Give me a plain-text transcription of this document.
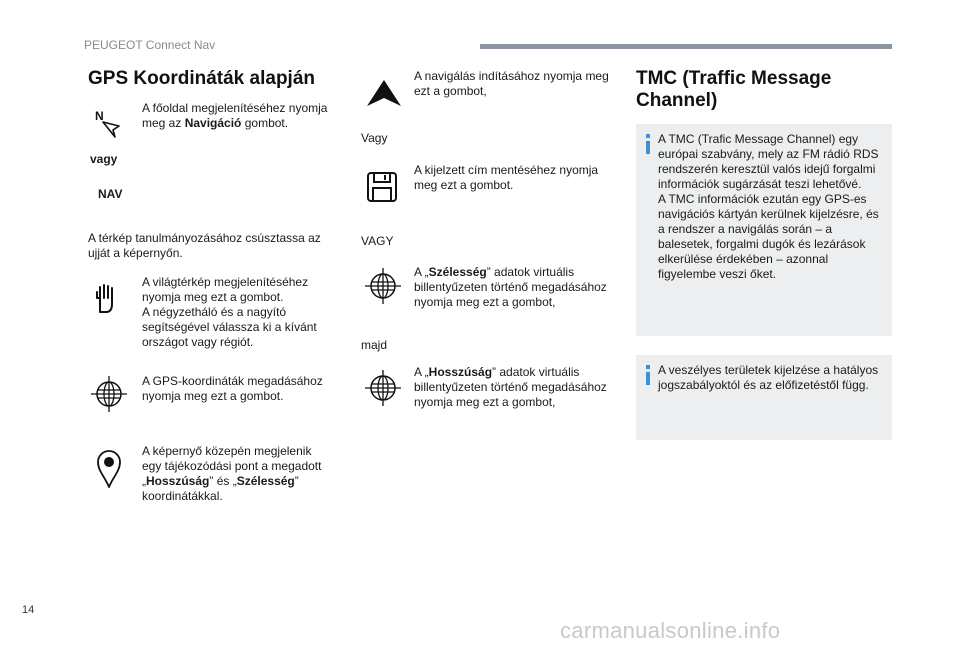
PEUGEOT Connect Nav
GPS Koordináták alapján
N
A főoldal megjelenítéséhez nyomja meg az Navigáció gombot.
vagy
NAV
A térkép tanulmányozásához csúsztassa az ujját a képernyőn.
A világtérkép megjelenítéséhez nyomja meg ezt a gombot.
A négyzetháló és a nagyító segítségével válassza ki a kívánt országot vagy régiót.
A GPS-koordináták megadásához nyomja meg ezt a gombot.
A képernyő közepén megjelenik egy tájékozódási pont a megadott „Hosszúság” és „Szélesség” koordinátákkal.
A navigálás indításához nyomja meg ezt a gombot,
Vagy
A kijelzett cím mentéséhez nyomja meg ezt a gombot.
VAGY
A „Szélesség” adatok virtuális billentyűzeten történő megadásához nyomja meg ezt a gombot,
majd
A „Hosszúság” adatok virtuális billentyűzeten történő megadásához nyomja meg ezt a gombot,
TMC (Traffic Message
Channel)
A TMC (Trafic Message Channel) egy európai szabvány, mely az FM rádió RDS rendszerén keresztül valós idejű forgalmi információk sugárzását teszi lehetővé.
A TMC információk ezután egy GPS-es navigációs kártyán kerülnek kijelzésre, és a rendszer a navigálás során – a balesetek, forgalmi dugók és lezárások elkerülése érdekében – azonnal figyelembe veszi őket.
A veszélyes területek kijelzése a hatályos jogszabályoktól és az előfizetéstől függ.
14
carmanualsonline.info
